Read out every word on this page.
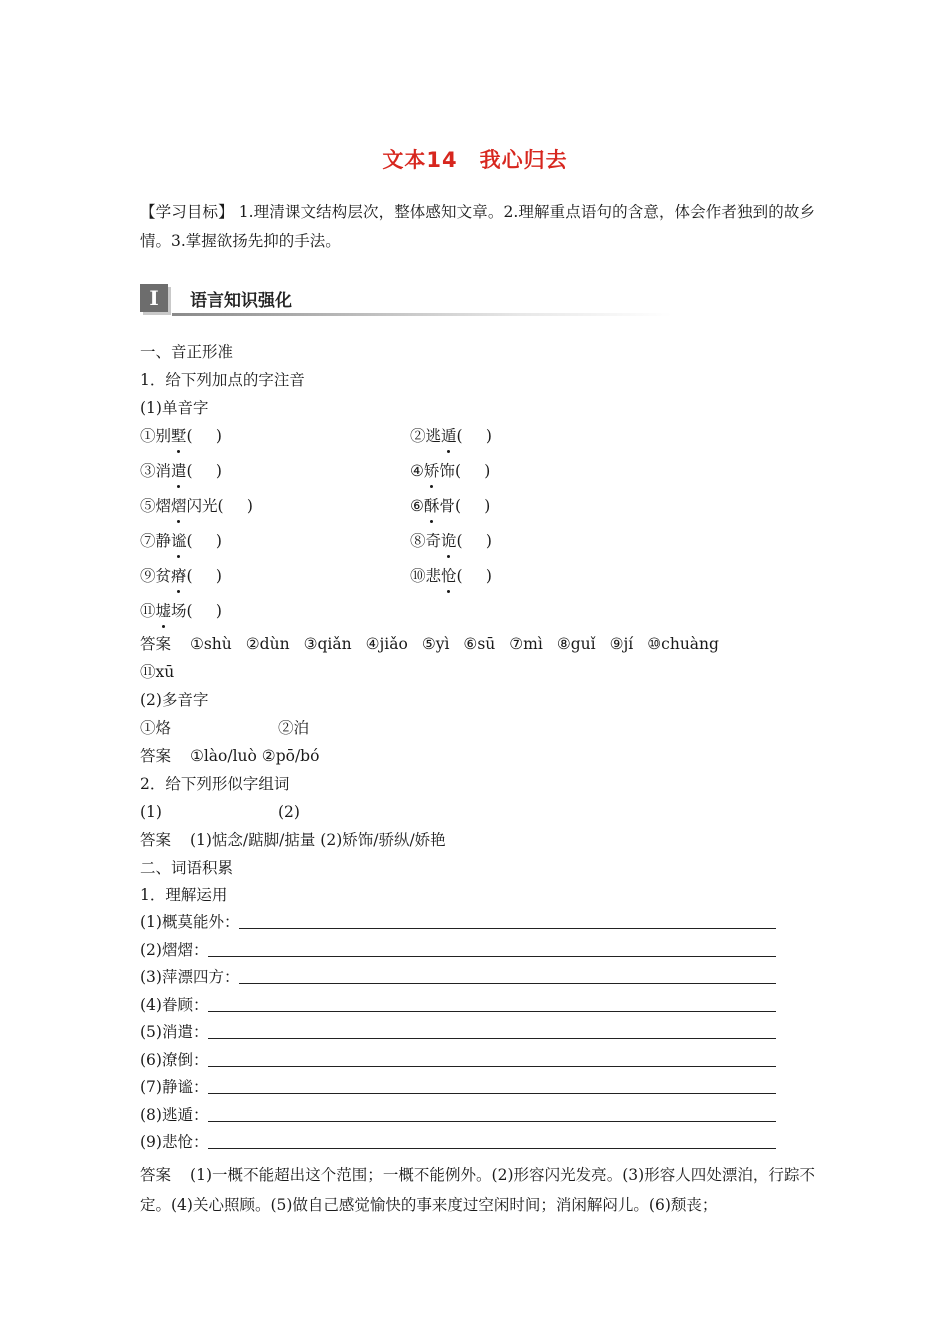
文本14 我心归去
【学习目标】 1.理清课文结构层次，整体感知文章。2.理解重点语句的含意，体会作者独到的故乡情。3.掌握欲扬先抑的手法。
I	语言知识强化
一、音正形准
1．给下列加点的字注音
(1)单音字
①别墅(  )	②逃遁(  )
③消遣(  )	④矫饰(  )
⑤熠熠闪光(  )	⑥酥骨(  )
⑦静谧(  )	⑧奇诡(  )
⑨贫瘠(  )	⑩悲怆(  )
⑪墟场(  )
答案 ①shù ②dùn ③qiǎn ④jiǎo ⑤yì ⑥sū ⑦mì ⑧guǐ ⑨jí ⑩chuàng
⑪xū
(2)多音字
①烙	②泊
答案 ①lào/luò ②pō/bó
2．给下列形似字组词
(1)	(2)
答案 (1)惦念/踮脚/掂量 (2)矫饰/骄纵/娇艳
二、词语积累
1．理解运用
(1)概莫能外：
(2)熠熠：
(3)萍漂四方：
(4)眷顾：
(5)消遣：
(6)潦倒：
(7)静谧：
(8)逃遁：
(9)悲怆：
答案 (1)一概不能超出这个范围；一概不能例外。(2)形容闪光发亮。(3)形容人四处漂泊，行踪不定。(4)关心照顾。(5)做自己感觉愉快的事来度过空闲时间；消闲解闷儿。(6)颓丧；
